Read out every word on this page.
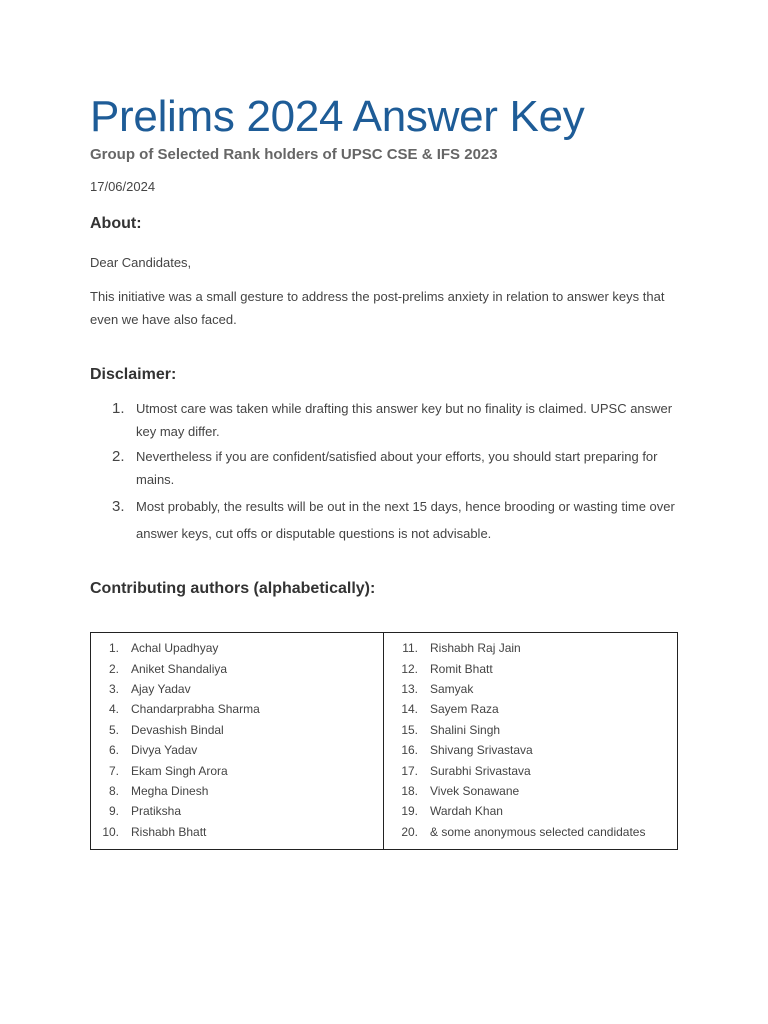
Prelims 2024 Answer Key

Group of Selected Rank holders of UPSC CSE & IFS 2023

17/06/2024
About:

Dear Candidates,

This initiative was a small gesture to address the post-prelims anxiety in relation to answer keys that even we have also faced.

Disclaimer:
1. Utmost care was taken while drafting this answer key but no finality is claimed. UPSC answer key may differ.
2. Nevertheless if you are confident/satisfied about your efforts, you should start preparing for mains.
3. Most probably, the results will be out in the next 15 days, hence brooding or wasting time over answer keys, cut offs or disputable questions is not advisable.
Contributing authors (alphabetically):
1.	Achal Upadhyay
2.	Aniket Shandaliya
3.	Ajay Yadav
4.	Chandarprabha Sharma
5.	Devashish Bindal
6.	Divya Yadav
7.	Ekam Singh Arora
8.	Megha Dinesh
9.	Pratiksha
10.	Rishabh Bhatt
11.	Rishabh Raj Jain
12.	Romit Bhatt
13.	Samyak
14.	Sayem Raza
15.	Shalini Singh
16.	Shivang Srivastava
17.	Surabhi Srivastava
18.	Vivek Sonawane
19.	Wardah Khan
20.	& some anonymous selected candidates
